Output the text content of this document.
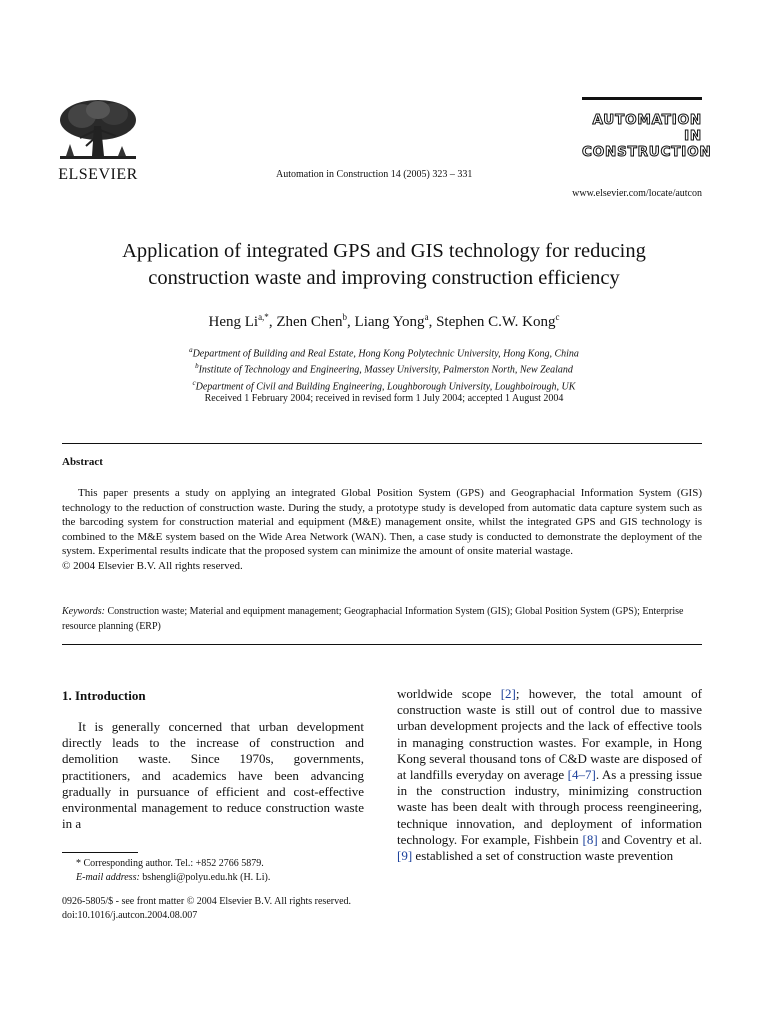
ELSEVIER	Automation in Construction 14 (2005) 323 – 331
AUTOMATION IN
CONSTRUCTION
www.elsevier.com/locate/autcon
Application of integrated GPS and GIS technology for reducing
construction waste and improving construction efficiency
Heng $Li^{a,*}$, Zhen Chen$^b$, Liang Yong$^a$, Stephen C.W. Kong$^c$
$^a$Department of Building and Real Estate, Hong Kong Polytechnic University, Hong Kong, China
$^b$Institute of Technology and Engineering, Massey University, Palmerston North, New Zealand
$^c$Department of Civil and Building Engineering, Loughborough University, Loughboirough, UK
Received 1 February 2004; received in revised form 1 July 2004; accepted 1 August 2004
Abstract
This paper presents a study on applying an integrated Global Position System (GPS) and Geographacial Information System (GIS) technology to the reduction of construction waste. During the study, a prototype study is developed from automatic data capture system such as the barcoding system for construction material and equipment (M&E) management onsite, whilst the integrated GPS and GIS technology is combined to the M&E system based on the Wide Area Network (WAN). Then, a case study is conducted to demonstrate the deployment of the system. Experimental results indicate that the proposed system can minimize the amount of onsite material wastage.
© 2004 Elsevier B.V. All rights reserved.
Keywords: Construction waste; Material and equipment management; Geographacial Information System (GIS); Global Position System (GPS); Enterprise resource planning (ERP)
1. Introduction
It is generally concerned that urban development directly leads to the increase of construction and demolition waste. Since 1970s, governments, practitioners, and academics have been advancing gradually in pursuance of efficient and cost-effective environmental management to reduce construction waste in a
worldwide scope [2]; however, the total amount of construction waste is still out of control due to massive urban development projects and the lack of effective tools in managing construction wastes. For example, in Hong Kong several thousand tons of C&D waste are disposed of at landfills everyday on average [4–7]. As a pressing issue in the construction industry, minimizing construction waste has been dealt with through process reengineering, technique innovation, and deployment of information technology. For example, Fishbein [8] and Coventry et al. [9] established a set of construction waste prevention
* Corresponding author. Tel.: +852 2766 5879.
E-mail address: bshengli@polyu.edu.hk (H. Li).
0926-5805/$ - see front matter © 2004 Elsevier B.V. All rights reserved.
doi:10.1016/j.autcon.2004.08.007
